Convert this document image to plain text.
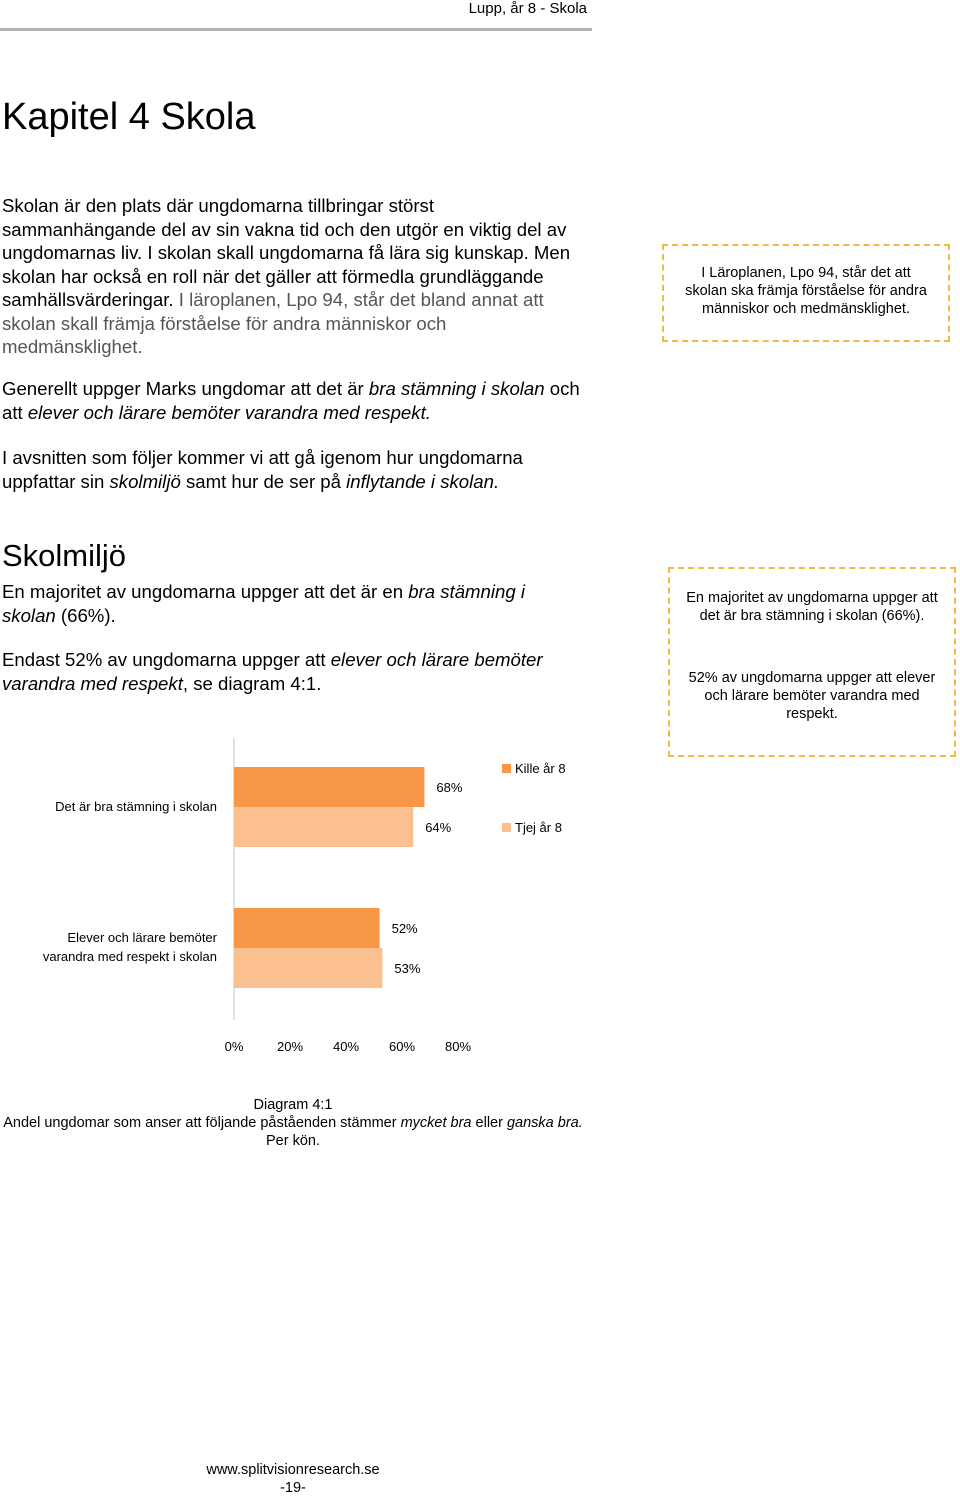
Lupp, år 8 - Skola
Kapitel 4 Skola

Skolan är den plats där ungdomarna tillbringar störst sammanhängande del av sin vakna tid och den utgör en viktig del av ungdomarnas liv. I skolan skall ungdomarna få lära sig kunskap. Men skolan har också en roll när det gäller att förmedla grundläggande samhällsvärderingar. I läroplanen, Lpo 94, står det bland annat att skolan skall främja förståelse för andra människor och medmänsklighet.

I Läroplanen, Lpo 94, står det att skolan ska främja förståelse för andra människor och medmänsklighet.

Generellt uppger Marks ungdomar att det är bra stämning i skolan och att elever och lärare bemöter varandra med respekt.

I avsnitten som följer kommer vi att gå igenom hur ungdomarna uppfattar sin skolmiljö samt hur de ser på inflytande i skolan.

Skolmiljö

En majoritet av ungdomarna uppger att det är en bra stämning i skolan (66%).

Endast 52% av ungdomarna uppger att elever och lärare bemöter varandra med respekt, se diagram 4:1.

En majoritet av ungdomarna uppger att det är bra stämning i skolan (66%).
52% av ungdomarna uppger att elever och lärare bemöter varandra med respekt.
Det är bra stämning i skolan
Elever och lärare bemöter
varandra med respekt i skolan
68%
52%
64%
53%
0%	20% 40% 60% 80%
Kille år 8
Tjej år 8
Diagram 4:1
Andel ungdomar som anser att följande påståenden stämmer mycket bra eller ganska bra. Per kön.
www.splitvisionresearch.se
-19-
